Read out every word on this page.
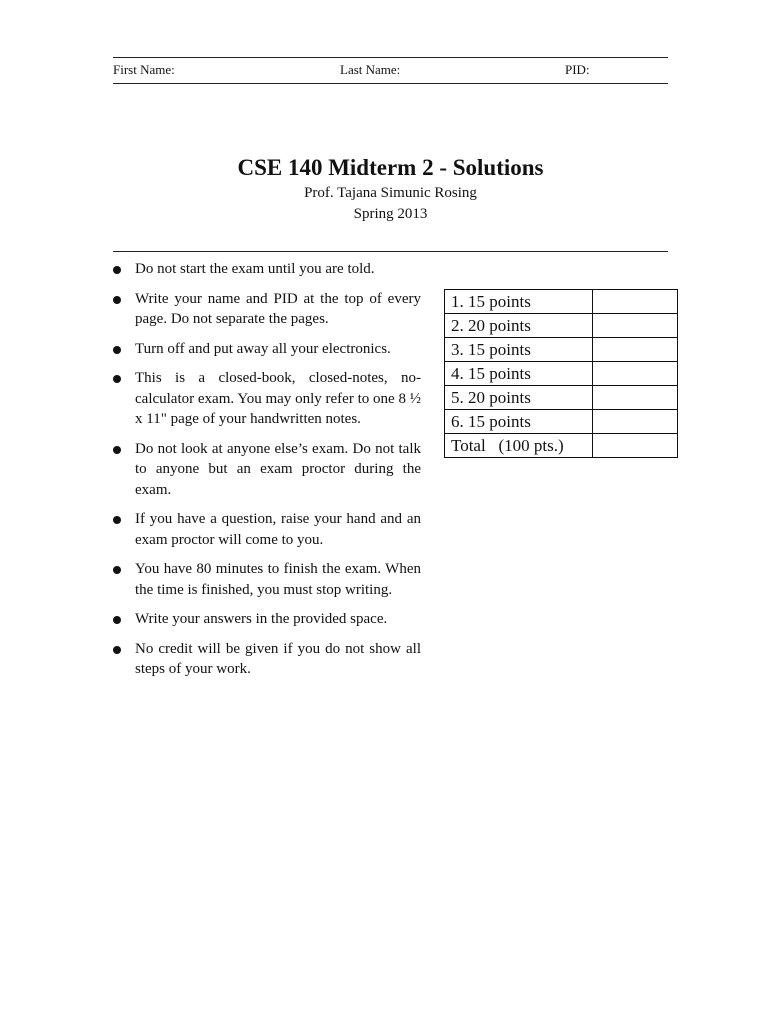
First Name:	Last Name:	PID:
CSE 140 Midterm 2 - Solutions
Prof. Tajana Simunic Rosing
Spring 2013
Do not start the exam until you are told.
Write your name and PID at the top of every page. Do not separate the pages.
Turn off and put away all your electronics.
This is a closed-book, closed-notes, no-calculator exam. You may only refer to one 8 ½ x 11" page of your handwritten notes.
Do not look at anyone else’s exam. Do not talk to anyone but an exam proctor during the exam.
If you have a question, raise your hand and an exam proctor will come to you.
You have 80 minutes to finish the exam. When the time is finished, you must stop writing.
Write your answers in the provided space.
No credit will be given if you do not show all steps of your work.
1. 15 points	
2. 20 points	
3. 15 points	
4. 15 points	
5. 20 points	
6. 15 points	
Total   (100 pts.)	
